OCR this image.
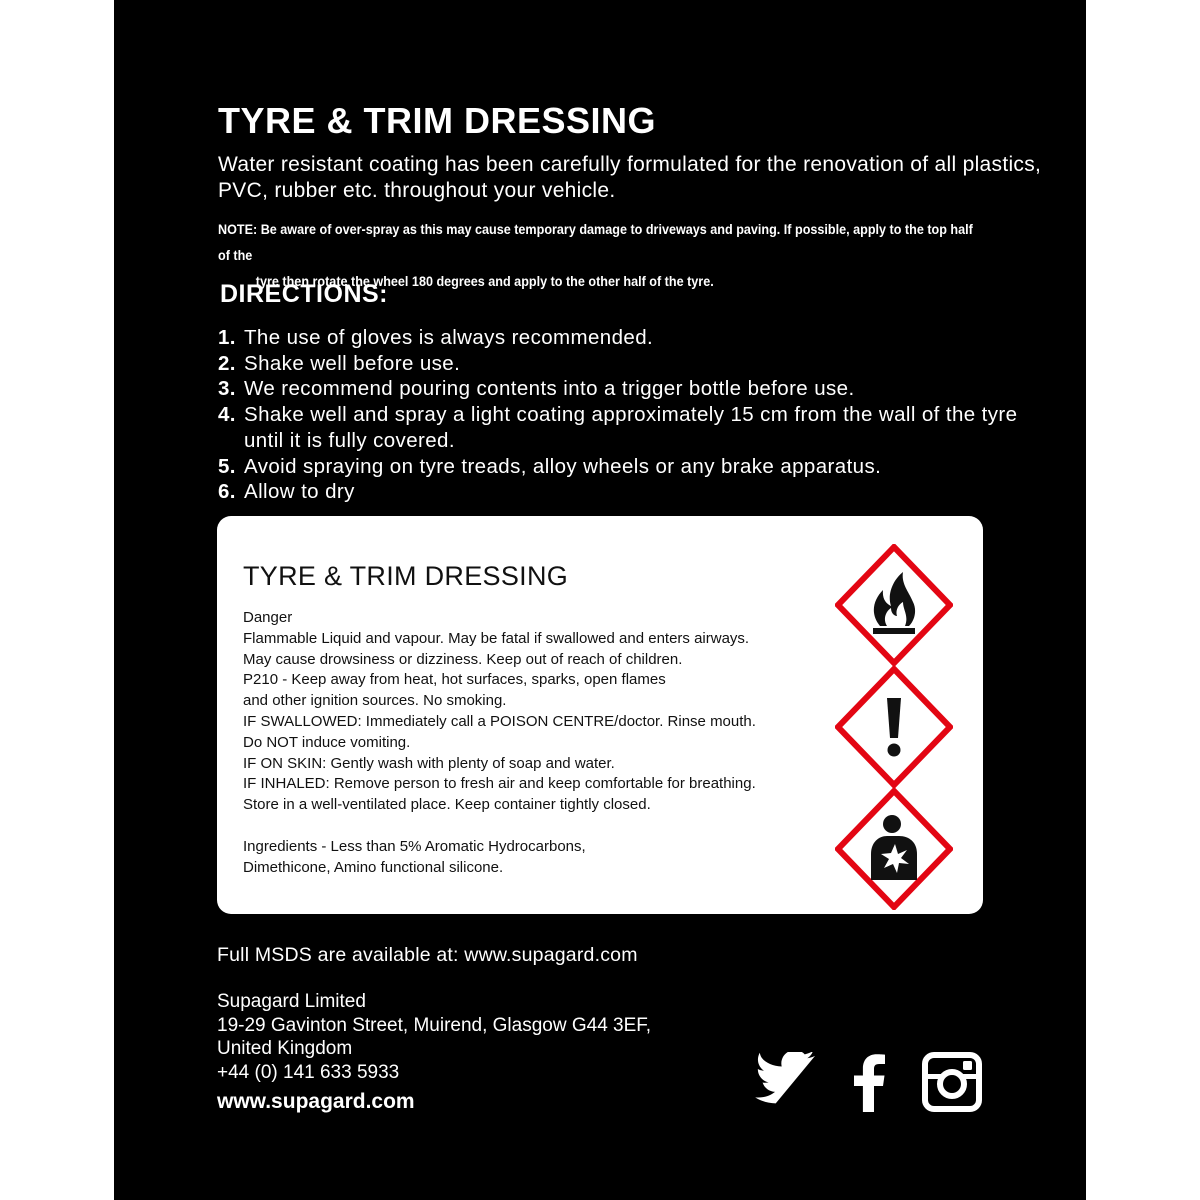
TYRE & TRIM DRESSING
Water resistant coating has been carefully formulated for the renovation of all plastics, PVC, rubber etc. throughout your vehicle.
NOTE: Be aware of over-spray as this may cause temporary damage to driveways and paving. If possible, apply to the top half of the
tyre then rotate the wheel 180 degrees and apply to the other half of the tyre.
DIRECTIONS:
1. The use of gloves is always recommended.
2. Shake well before use.
3. We recommend pouring contents into a trigger bottle before use.
4. Shake well and spray a light coating approximately 15 cm from the wall of the tyre until it is fully covered.
5. Avoid spraying on tyre treads, alloy wheels or any brake apparatus.
6. Allow to dry
TYRE & TRIM DRESSING
Danger
Flammable Liquid and vapour. May be fatal if swallowed and enters airways.
May cause drowsiness or dizziness. Keep out of reach of children.
P210 - Keep away from heat, hot surfaces, sparks, open flames
and other ignition sources. No smoking.
IF SWALLOWED: Immediately call a POISON CENTRE/doctor. Rinse mouth.
Do NOT induce vomiting.
IF ON SKIN: Gently wash with plenty of soap and water.
IF INHALED: Remove person to fresh air and keep comfortable for breathing.
Store in a well-ventilated place. Keep container tightly closed.
Ingredients - Less than 5% Aromatic Hydrocarbons,
Dimethicone, Amino functional silicone.
Full MSDS are available at: www.supagard.com
Supagard Limited
19-29 Gavinton Street, Muirend, Glasgow G44 3EF,
United Kingdom
+44 (0) 141 633 5933
www.supagard.com
